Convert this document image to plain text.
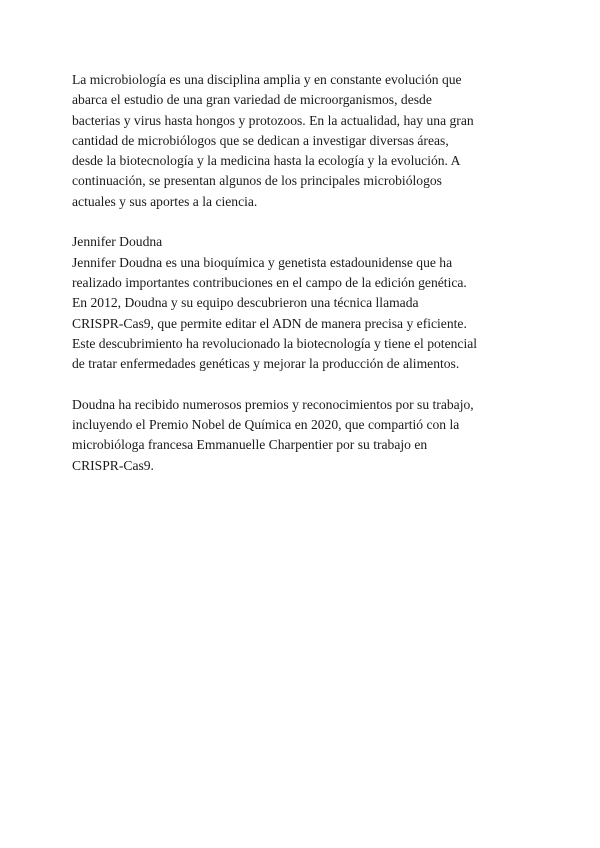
La microbiología es una disciplina amplia y en constante evolución que

abarca el estudio de una gran variedad de microorganismos, desde

bacterias y virus hasta hongos y protozoos. En la actualidad, hay una gran

cantidad de microbiólogos que se dedican a investigar diversas áreas,

desde la biotecnología y la medicina hasta la ecología y la evolución. A

continuación, se presentan algunos de los principales microbiólogos

actuales y sus aportes a la ciencia.

Jennifer Doudna

Jennifer Doudna es una bioquímica y genetista estadounidense que ha

realizado importantes contribuciones en el campo de la edición genética.

En 2012, Doudna y su equipo descubrieron una técnica llamada

CRISPR-Cas9, que permite editar el ADN de manera precisa y eficiente.

Este descubrimiento ha revolucionado la biotecnología y tiene el potencial

de tratar enfermedades genéticas y mejorar la producción de alimentos.

Doudna ha recibido numerosos premios y reconocimientos por su trabajo,

incluyendo el Premio Nobel de Química en 2020, que compartió con la

microbióloga francesa Emmanuelle Charpentier por su trabajo en

CRISPR-Cas9.
